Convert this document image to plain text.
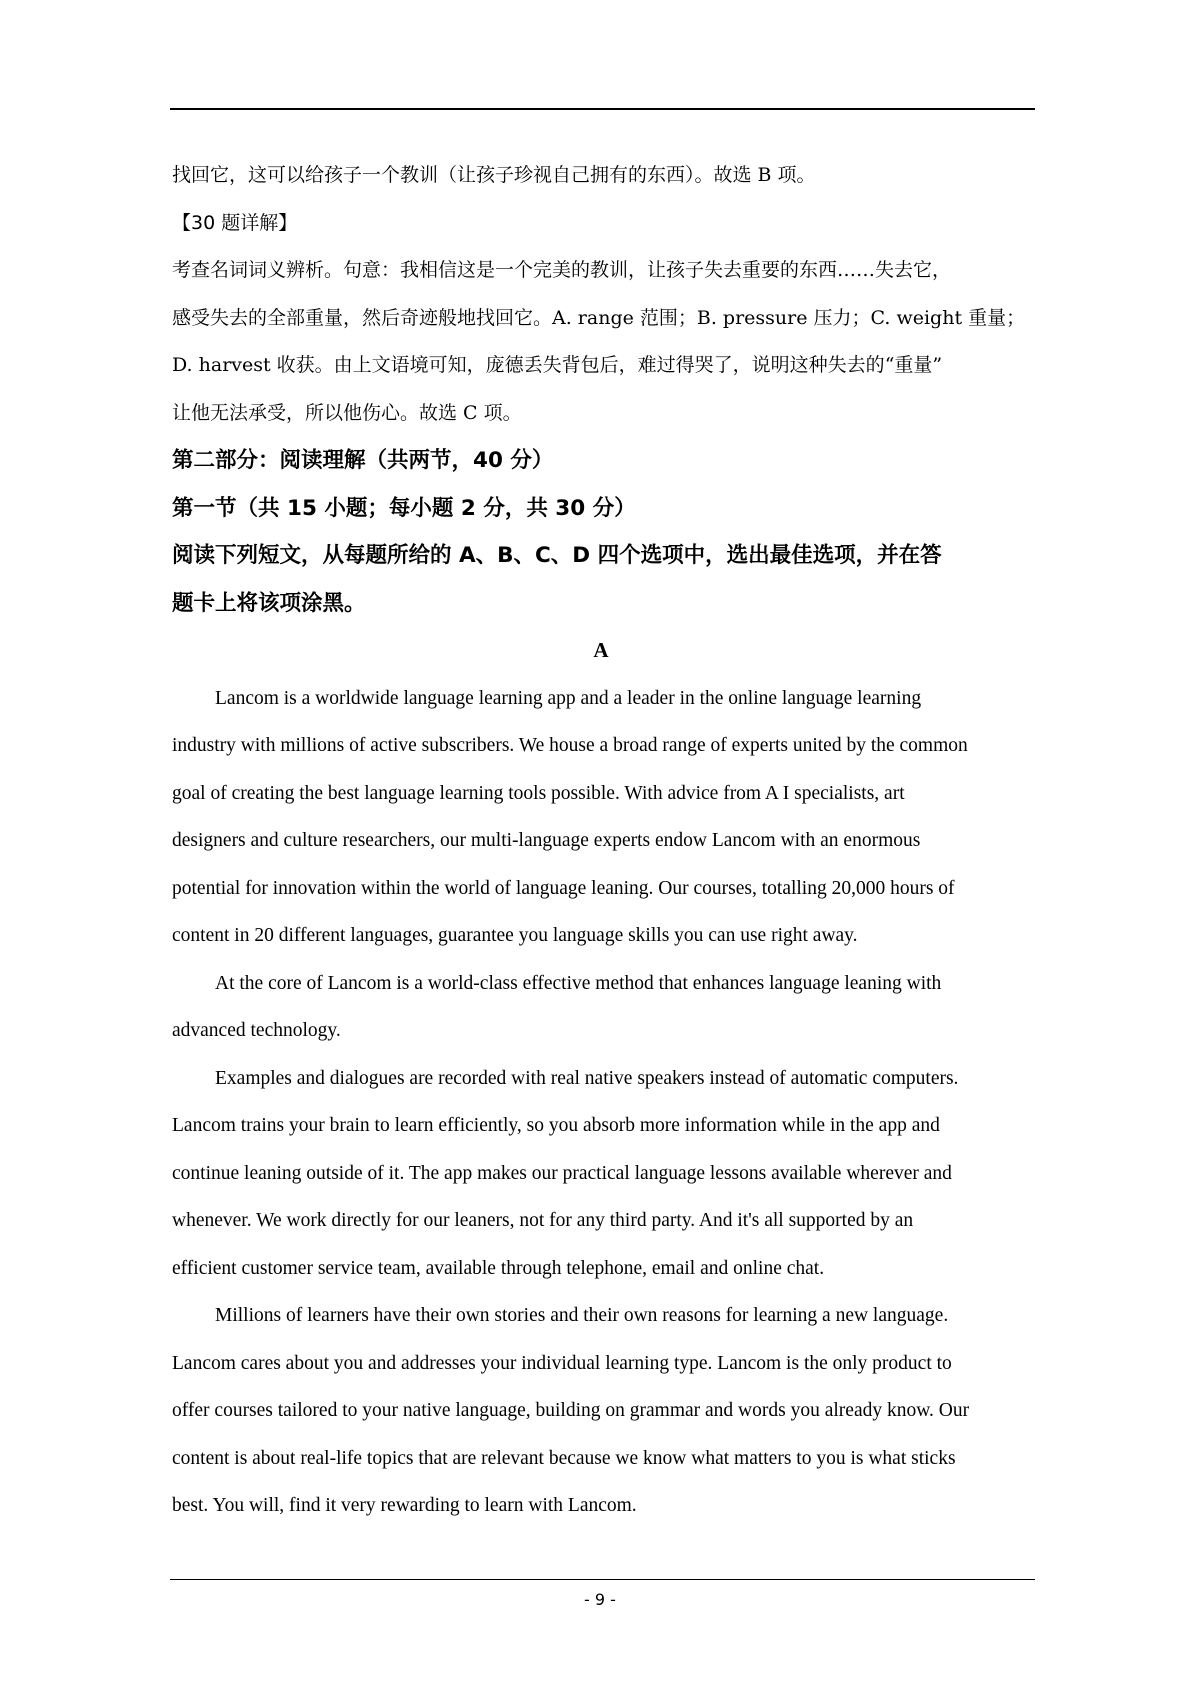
找回它，这可以给孩子一个教训（让孩子珍视自己拥有的东西）。故选 B 项。
【30 题详解】
考查名词词义辨析。句意：我相信这是一个完美的教训，让孩子失去重要的东西……失去它，
感受失去的全部重量，然后奇迹般地找回它。A. range 范围；B. pressure 压力；C. weight 重量；
D. harvest 收获。由上文语境可知，庞德丢失背包后，难过得哭了，说明这种失去的“重量”
让他无法承受，所以他伤心。故选 C 项。
第二部分：阅读理解（共两节，40 分）
第一节（共 15 小题；每小题 2 分，共 30 分）
阅读下列短文，从每题所给的 A、B、C、D 四个选项中，选出最佳选项，并在答
题卡上将该项涂黑。
A
Lancom is a worldwide language learning app and a leader in the online language learning
industry with millions of active subscribers. We house a broad range of experts united by the common
goal of creating the best language learning tools possible. With advice from A I specialists, art
designers and culture researchers, our multi-language experts endow Lancom with an enormous
potential for innovation within the world of language leaning. Our courses, totalling 20,000 hours of
content in 20 different languages, guarantee you language skills you can use right away.
At the core of Lancom is a world-class effective method that enhances language leaning with
advanced technology.
Examples and dialogues are recorded with real native speakers instead of automatic computers.
Lancom trains your brain to learn efficiently, so you absorb more information while in the app and
continue leaning outside of it. The app makes our practical language lessons available wherever and
whenever. We work directly for our leaners, not for any third party. And it's all supported by an
efficient customer service team, available through telephone, email and online chat.
Millions of learners have their own stories and their own reasons for learning a new language.
Lancom cares about you and addresses your individual learning type. Lancom is the only product to
offer courses tailored to your native language, building on grammar and words you already know. Our
content is about real-life topics that are relevant because we know what matters to you is what sticks
best. You will, find it very rewarding to learn with Lancom.
- 9 -
